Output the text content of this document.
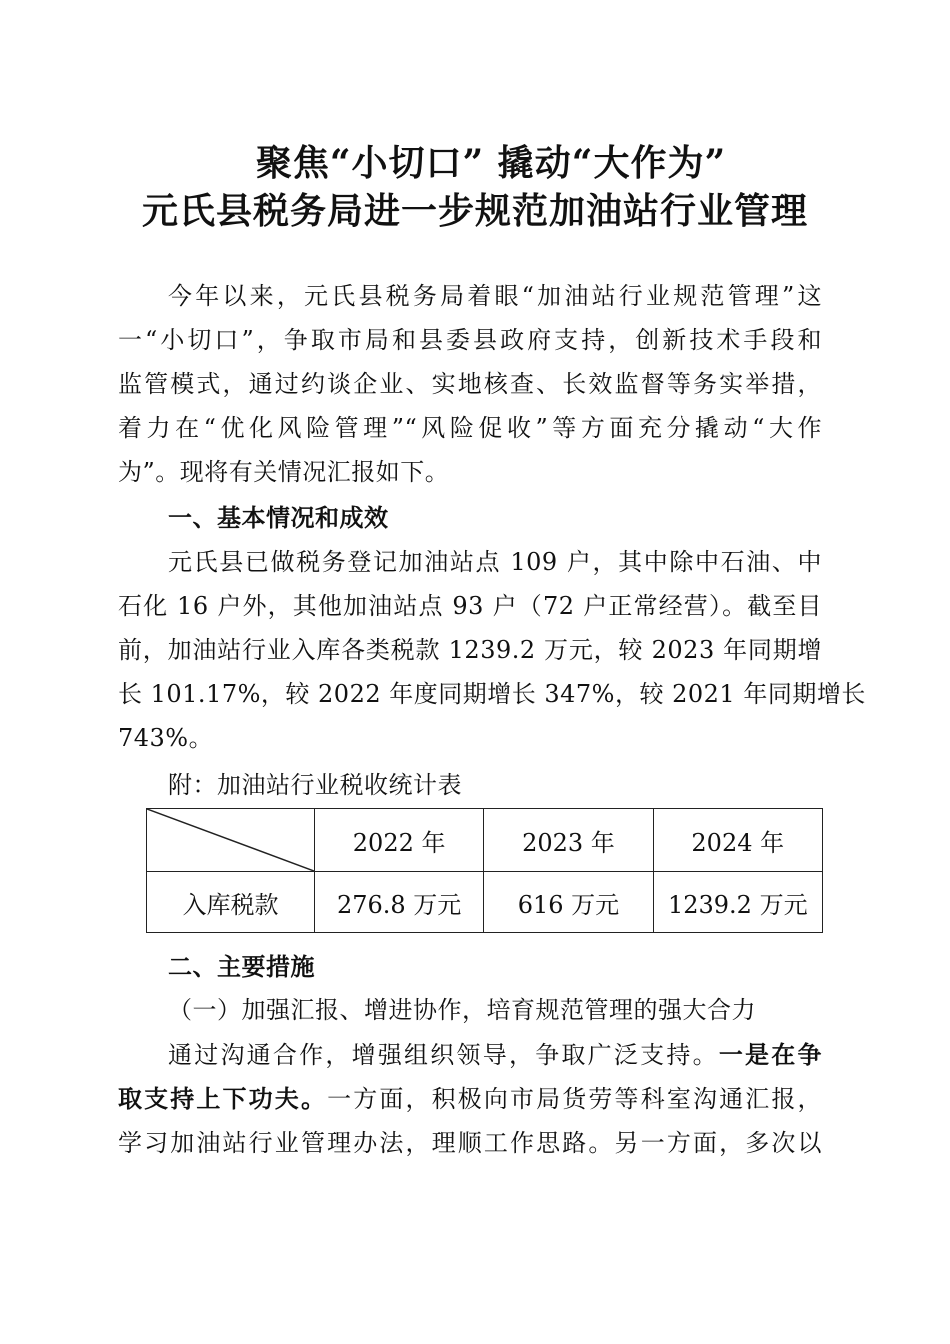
聚焦“小切口” 撬动“大作为”
元氏县税务局进一步规范加油站行业管理
今年以来，元氏县税务局着眼“加油站行业规范管理”这
一“小切口”，争取市局和县委县政府支持，创新技术手段和
监管模式，通过约谈企业、实地核查、长效监督等务实举措，
着力在“优化风险管理”“风险促收”等方面充分撬动“大作
为”。现将有关情况汇报如下。
一、基本情况和成效
元氏县已做税务登记加油站点 109 户，其中除中石油、中
石化 16 户外，其他加油站点 93 户（72 户正常经营）。截至目
前，加油站行业入库各类税款 1239.2 万元，较 2023 年同期增
长 101.17%，较 2022 年度同期增长 347%，较 2021 年同期增长
743%。
附：加油站行业税收统计表
	2022 年	2023 年	2024 年
入库税款	276.8 万元	616 万元	1239.2 万元
二、主要措施
（一）加强汇报、增进协作，培育规范管理的强大合力
通过沟通合作，增强组织领导，争取广泛支持。一是在争
取支持上下功夫。一方面，积极向市局货劳等科室沟通汇报，
学习加油站行业管理办法，理顺工作思路。另一方面，多次以
